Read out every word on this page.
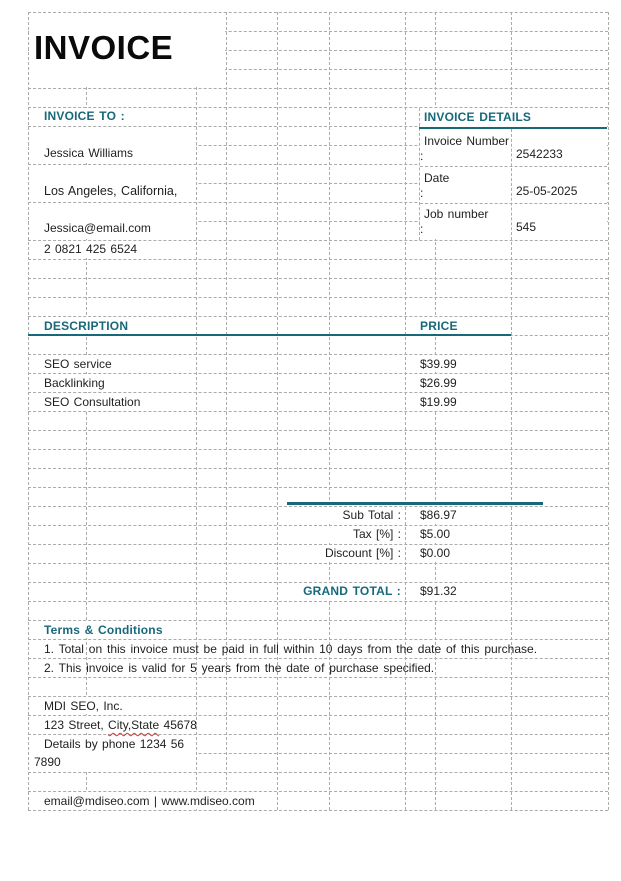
INVOICE
INVOICE TO :
Jessica Williams
Los Angeles, California,
Jessica@email.com
2 0821 425 6524
INVOICE DETAILS
Invoice Number
:	2542233
Date
:	25-05-2025
Job number
:	545
DESCRIPTION	PRICE
SEO service	$39.99
Backlinking	$26.99
SEO Consultation	$19.99
Sub Total : $86.97
Tax [%] : $5.00
Discount [%] : $0.00
GRAND TOTAL : $91.32
Terms & Conditions
1. Total on this invoice must be paid in full within 10 days from the date of this purchase.
2. This invoice is valid for 5 years from the date of purchase specified.
MDI SEO, Inc.
123 Street, City,State 45678
Details by phone 1234 56
7890
email@mdiseo.com | www.mdiseo.com
